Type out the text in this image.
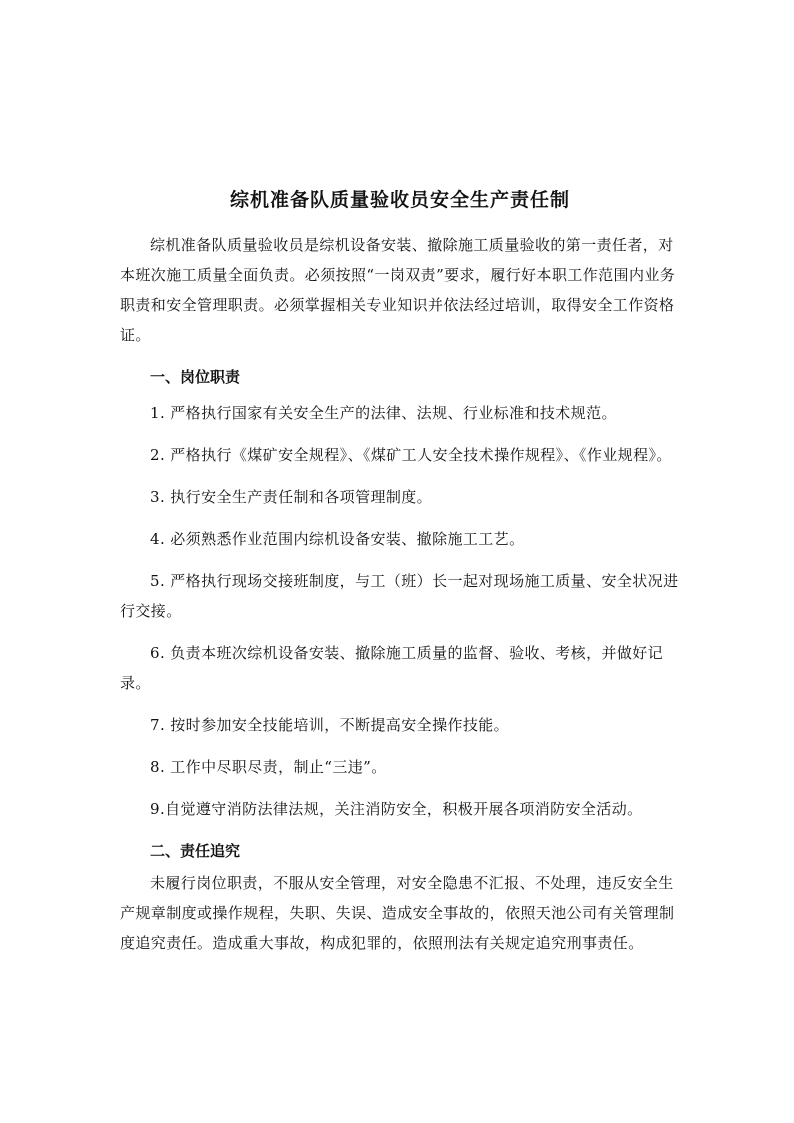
综机准备队质量验收员安全生产责任制

综机准备队质量验收员是综机设备安装、撤除施工质量验收的第一责任者，对本班次施工质量全面负责。必须按照“一岗双责”要求，履行好本职工作范围内业务职责和安全管理职责。必须掌握相关专业知识并依法经过培训，取得安全工作资格证。

一、岗位职责

1. 严格执行国家有关安全生产的法律、法规、行业标准和技术规范。

2. 严格执行《煤矿安全规程》、《煤矿工人安全技术操作规程》、《作业规程》。

3. 执行安全生产责任制和各项管理制度。

4. 必须熟悉作业范围内综机设备安装、撤除施工工艺。

5. 严格执行现场交接班制度，与工（班）长一起对现场施工质量、安全状况进行交接。

6. 负责本班次综机设备安装、撤除施工质量的监督、验收、考核，并做好记录。

7. 按时参加安全技能培训，不断提高安全操作技能。

8. 工作中尽职尽责，制止“三违”。

9.自觉遵守消防法律法规，关注消防安全，积极开展各项消防安全活动。

二、责任追究

未履行岗位职责，不服从安全管理，对安全隐患不汇报、不处理，违反安全生产规章制度或操作规程，失职、失误、造成安全事故的，依照天池公司有关管理制度追究责任。造成重大事故，构成犯罪的，依照刑法有关规定追究刑事责任。
